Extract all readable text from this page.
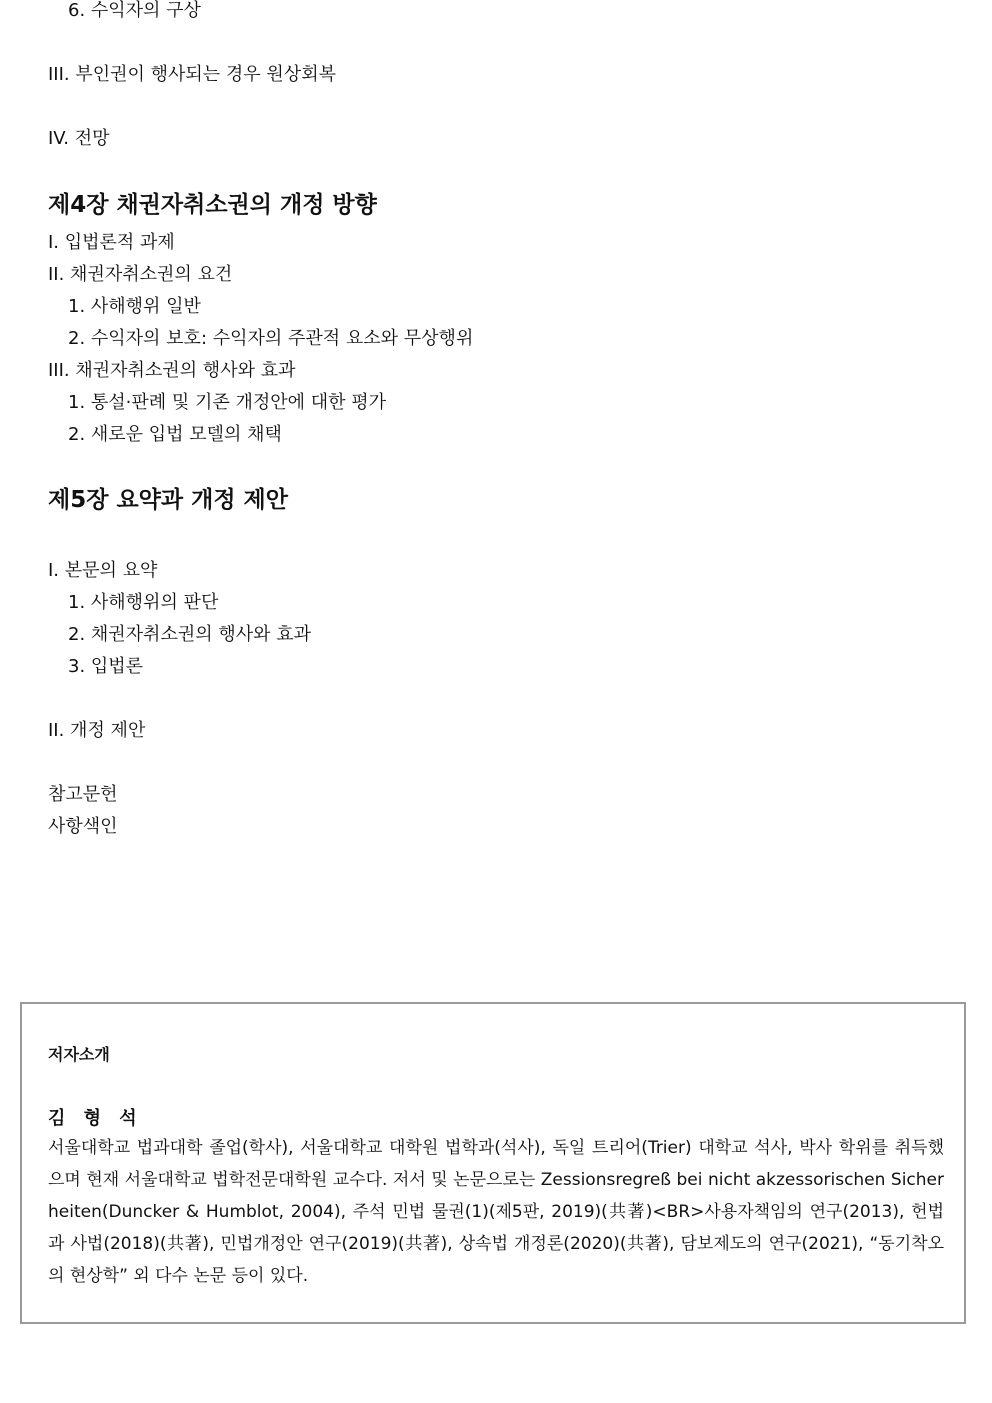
6. 수익자의 구상
III. 부인권이 행사되는 경우 원상회복
IV. 전망
제4장 채권자취소권의 개정 방향
I. 입법론적 과제
II. 채권자취소권의 요건
1. 사해행위 일반
2. 수익자의 보호: 수익자의 주관적 요소와 무상행위
III. 채권자취소권의 행사와 효과
1. 통설·판례 및 기존 개정안에 대한 평가
2. 새로운 입법 모델의 채택
제5장 요약과 개정 제안
I. 본문의 요약
1. 사해행위의 판단
2. 채권자취소권의 행사와 효과
3. 입법론
II. 개정 제안
참고문헌
사항색인
저자소개
김 형 석
서울대학교 법과대학 졸업(학사), 서울대학교 대학원 법학과(석사), 독일 트리어(Trier) 대학교 석사, 박사 학위를 취득했으며 현재 서울대학교 법학전문대학원 교수다. 저서 및 논문으로는 Zessionsregreß bei nicht akzessorischen Sicherheiten(Duncker & Humblot, 2004), 주석 민법 물권(1)(제5판, 2019)(共著)<BR>사용자책임의 연구(2013), 헌법과 사법(2018)(共著), 민법개정안 연구(2019)(共著), 상속법 개정론(2020)(共著), 담보제도의 연구(2021), “동기착오의 현상학” 외 다수 논문 등이 있다.
